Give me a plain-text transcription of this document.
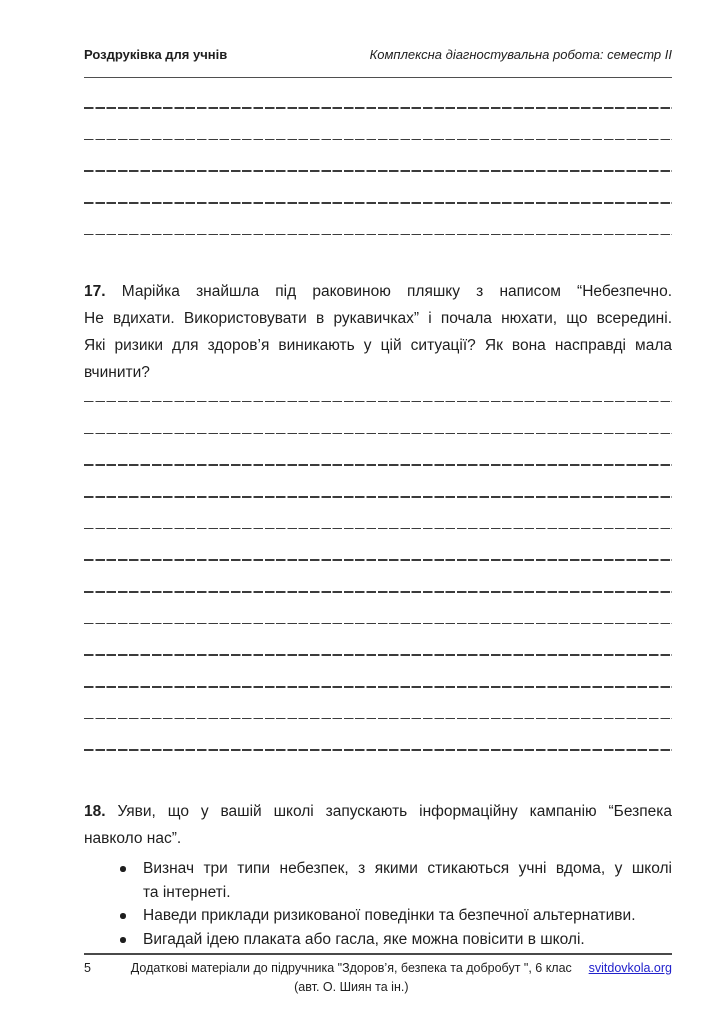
Роздруківка для учнів	Комплексна діагностувальна робота: семестр II
17. Марійка знайшла під раковиною пляшку з написом “Небезпечно.
Не вдихати. Використовувати в рукавичках” і почала нюхати, що всередині.
Які ризики для здоров’я виникають у цій ситуації? Як вона насправді мала
вчинити?
18. Уяви, що у вашій школі запускають інформаційну кампанію “Безпека
навколо нас”.
Визнач три типи небезпек, з якими стикаються учні вдома, у школі
та інтернеті.
Наведи приклади ризикованої поведінки та безпечної альтернативи.
Вигадай ідею плаката або гасла, яке можна повісити в школі.
5	Додаткові матеріали до підручника "Здоров’я, безпека та добробут ", 6 клас
(авт. О. Шиян та ін.)
svitdovkola.org
